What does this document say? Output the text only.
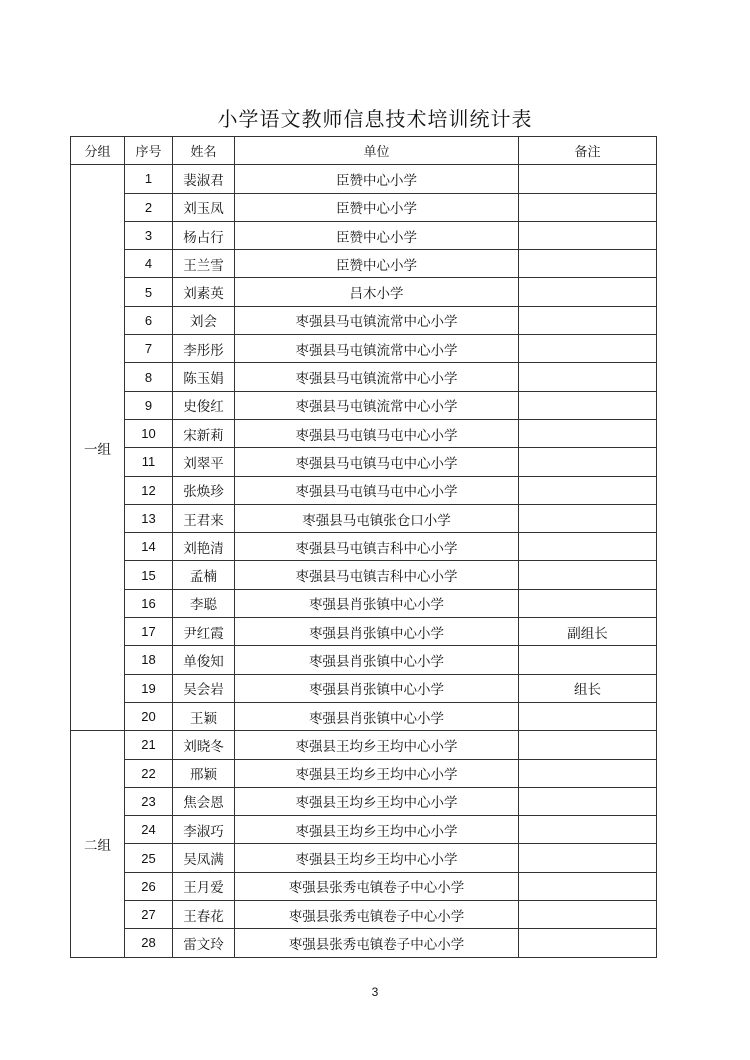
小学语文教师信息技术培训统计表
分组	序号	姓名	单位	备注
一组	1	裴淑君	臣赞中心小学	
	2	刘玉凤	臣赞中心小学	
	3	杨占行	臣赞中心小学	
	4	王兰雪	臣赞中心小学	
	5	刘素英	吕木小学	
	6	刘会	枣强县马屯镇流常中心小学	
	7	李彤彤	枣强县马屯镇流常中心小学	
	8	陈玉娟	枣强县马屯镇流常中心小学	
	9	史俊红	枣强县马屯镇流常中心小学	
	10	宋新莉	枣强县马屯镇马屯中心小学	
	11	刘翠平	枣强县马屯镇马屯中心小学	
	12	张焕珍	枣强县马屯镇马屯中心小学	
	13	王君来	枣强县马屯镇张仓口小学	
	14	刘艳清	枣强县马屯镇吉科中心小学	
	15	孟楠	枣强县马屯镇吉科中心小学	
	16	李聪	枣强县肖张镇中心小学	
	17	尹红霞	枣强县肖张镇中心小学	副组长
	18	单俊知	枣强县肖张镇中心小学	
	19	吴会岩	枣强县肖张镇中心小学	组长
	20	王颖	枣强县肖张镇中心小学	
二组	21	刘晓冬	枣强县王均乡王均中心小学	
	22	邢颖	枣强县王均乡王均中心小学	
	23	焦会恩	枣强县王均乡王均中心小学	
	24	李淑巧	枣强县王均乡王均中心小学	
	25	吴凤满	枣强县王均乡王均中心小学	
	26	王月爱	枣强县张秀屯镇卷子中心小学	
	27	王春花	枣强县张秀屯镇卷子中心小学	
	28	雷文玲	枣强县张秀屯镇卷子中心小学	
3
